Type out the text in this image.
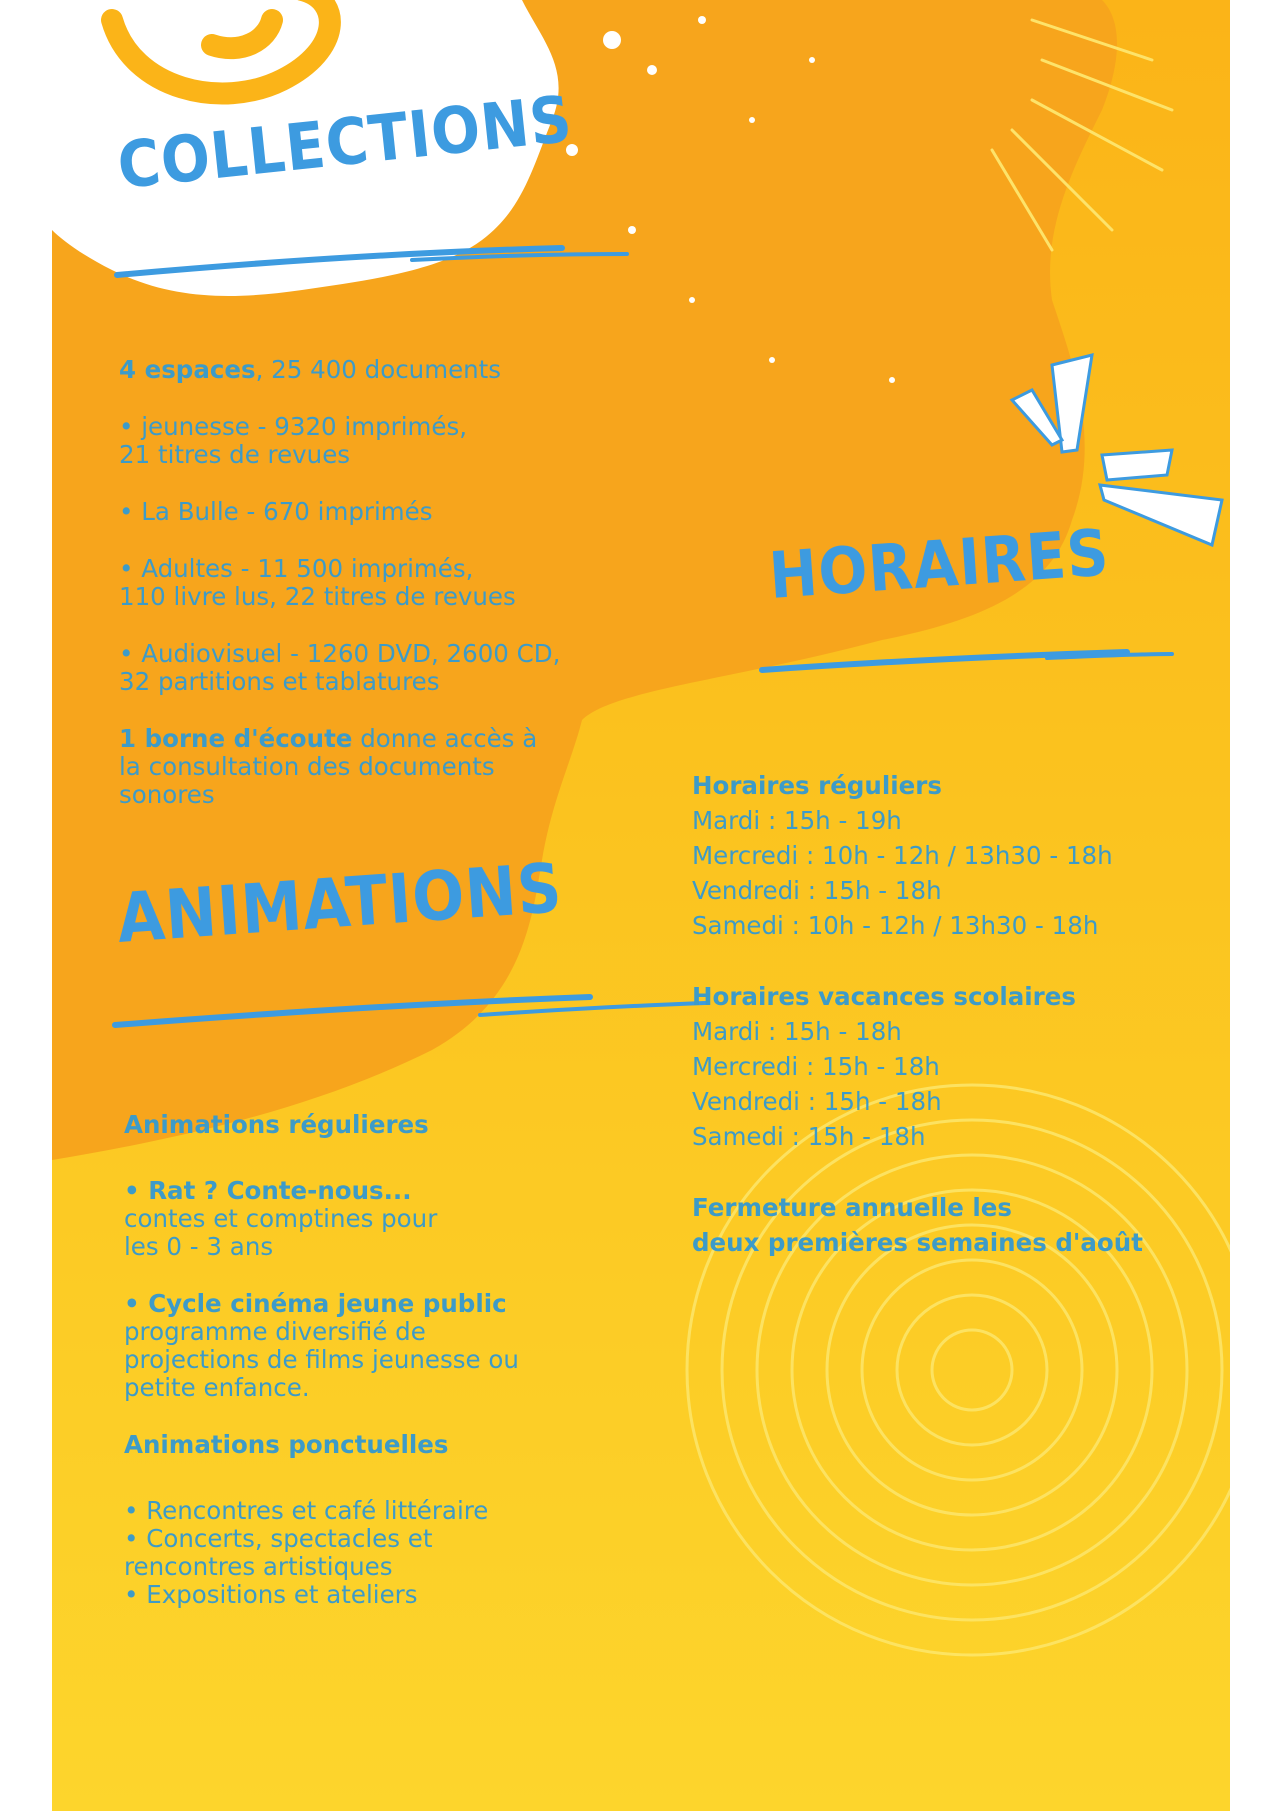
COLLECTIONS

4 espaces, 25 400 documents

• jeunesse - 9320 imprimés,
21 titres de revues

• La Bulle - 670 imprimés

• Adultes - 11 500 imprimés,
110 livre lus, 22 titres de revues

• Audiovisuel - 1260 DVD, 2600 CD,
32 partitions et tablatures

1 borne d'écoute donne accès à
la consultation des documents
sonores

ANIMATIONS

Animations régulieres

• Rat ? Conte-nous...
contes et comptines pour
les 0 - 3 ans

• Cycle cinéma jeune public
programme diversifié de
projections de films jeunesse ou
petite enfance.

Animations ponctuelles

• Rencontres et café littéraire
• Concerts, spectacles et
rencontres artistiques
• Expositions et ateliers

HORAIRES
Horaires réguliers
Mardi : 15h - 19h
Mercredi : 10h - 12h / 13h30 - 18h
Vendredi : 15h - 18h
Samedi : 10h - 12h / 13h30 - 18h
Horaires vacances scolaires
Mardi : 15h - 18h
Mercredi : 15h - 18h
Vendredi : 15h - 18h
Samedi : 15h - 18h
Fermeture annuelle les
deux premières semaines d'août
